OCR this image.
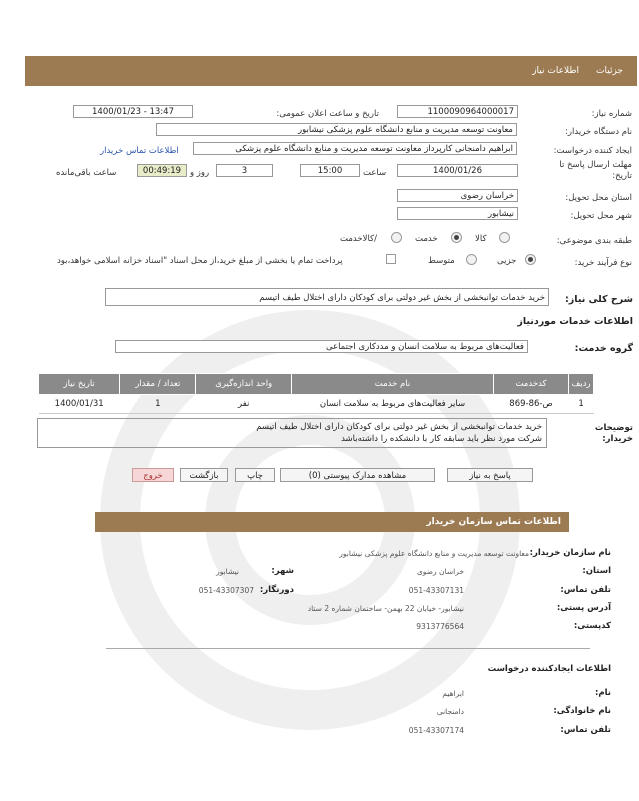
جزئیات
اطلاعات نیاز
شماره نیاز:
1100090964000017
تاریخ و ساعت اعلان عمومی:
1400/01/23 - 13:47
نام دستگاه خریدار:
معاونت توسعه مدیریت و منابع دانشگاه علوم پزشکی نیشابور
ایجاد کننده درخواست:
ابراهیم دامنجانی کارپرداز معاونت توسعه مدیریت و منابع دانشگاه علوم پزشکی
اطلاعات تماس خریدار
مهلت ارسال پاسخ تا تاریخ:
1400/01/26
ساعت
15:00
3
روز و
00:49:19
ساعت باقی‌مانده
استان محل تحویل:
خراسان رضوی
شهر محل تحویل:
نیشابور
طبقه بندی موضوعی:
کالا
خدمت
/کالاخدمت
نوع فرآیند خرید:
جزیی
متوسط
پرداخت تمام یا بخشی از مبلغ خرید،از محل اسناد "اسناد خزانه اسلامی خواهد،بود
شرح کلی نیاز:
خرید خدمات توانبخشی از بخش غیر دولتی برای کودکان دارای اختلال طیف اتیسم
اطلاعات خدمات موردنیاز
گروه خدمت:
فعالیت‌های مربوط به سلامت انسان و مددکاری اجتماعی
ردیف	کدخدمت	نام خدمت	واحد اندازه‌گیری	تعداد / مقدار	تاریخ نیاز
1	ص-86-869	سایر فعالیت‌های مربوط به سلامت انسان	نفر	1	1400/01/31
توضیحات خریدار:
خرید خدمات توانبخشی از بخش غیر دولتی برای کودکان دارای اختلال طیف اتیسم
شرکت مورد نظر باید سابقه کار با دانشکده را داشته‌باشد
پاسخ به نیاز
مشاهده مدارک پیوستی (0)
چاپ
بازگشت
خروج
اطلاعات تماس سازمان خریدار
نام سازمان خریدار:
معاونت توسعه مدیریت و منابع دانشگاه علوم پزشکی نیشابور
استان:
خراسان رضوی
شهر:
نیشابور
تلفن تماس:
051-43307131
دورنگار:
051-43307307
آدرس پستی:
نیشابور- خیابان 22 بهمن- ساختمان شماره 2 ستاد
کدپستی:
9313776564
اطلاعات ایجادکننده درخواست
نام:
ابراهیم
نام خانوادگی:
دامنجانی
تلفن تماس:
051-43307174
